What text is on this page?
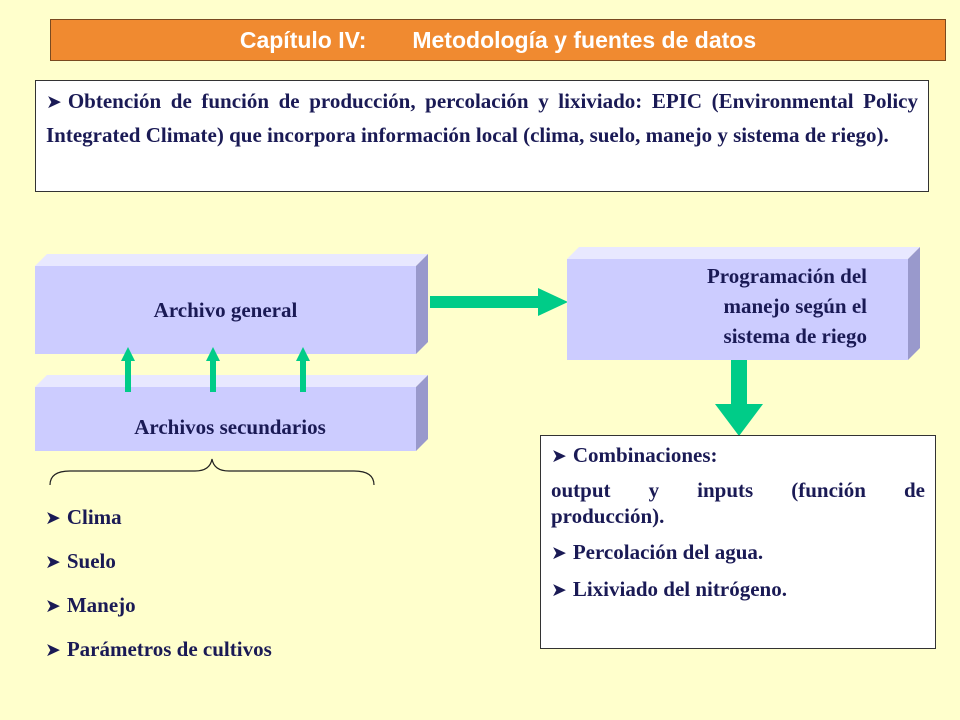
Capítulo IV: Metodología y fuentes de datos
➤ Obtención de función de producción, percolación y lixiviado: EPIC (Environmental Policy Integrated Climate) que incorpora información local (clima, suelo, manejo y sistema de riego).
Archivo general
Archivos secundarios
Programación del
manejo según el
sistema de riego
➤ Clima
➤ Suelo
➤ Manejo
➤ Parámetros de cultivos
➤ Combinaciones:
output y inputs (función de
producción).
➤ Percolación del agua.
➤ Lixiviado del nitrógeno.
